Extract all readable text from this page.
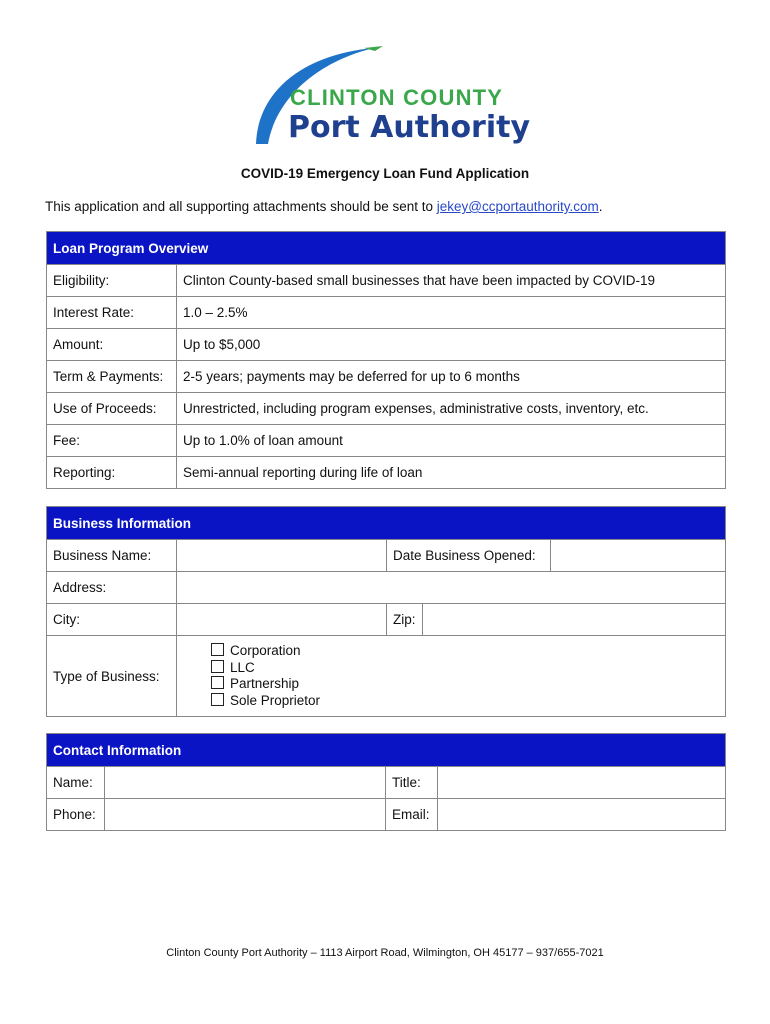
CLINTON COUNTY
Port Authority
COVID-19 Emergency Loan Fund Application
This application and all supporting attachments should be sent to jekey@ccportauthority.com.
Loan Program Overview	
Eligibility:	Clinton County-based small businesses that have been impacted by COVID-19
Interest Rate:	1.0 – 2.5%
Amount:	Up to $5,000
Term & Payments:	2-5 years; payments may be deferred for up to 6 months
Use of Proceeds:	Unrestricted, including program expenses, administrative costs, inventory, etc.
Fee:	Up to 1.0% of loan amount
Reporting:	Semi-annual reporting during life of loan
Business Information				
Business Name:		Date Business Opened:		
Address:				
City:		Zip:		
Type of Business:	Corporation
LLC
Partnership
Sole Proprietor			
Contact Information			
Name:		Title:	
Phone:		Email:	
Clinton County Port Authority – 1113 Airport Road, Wilmington, OH 45177 – 937/655-7021
